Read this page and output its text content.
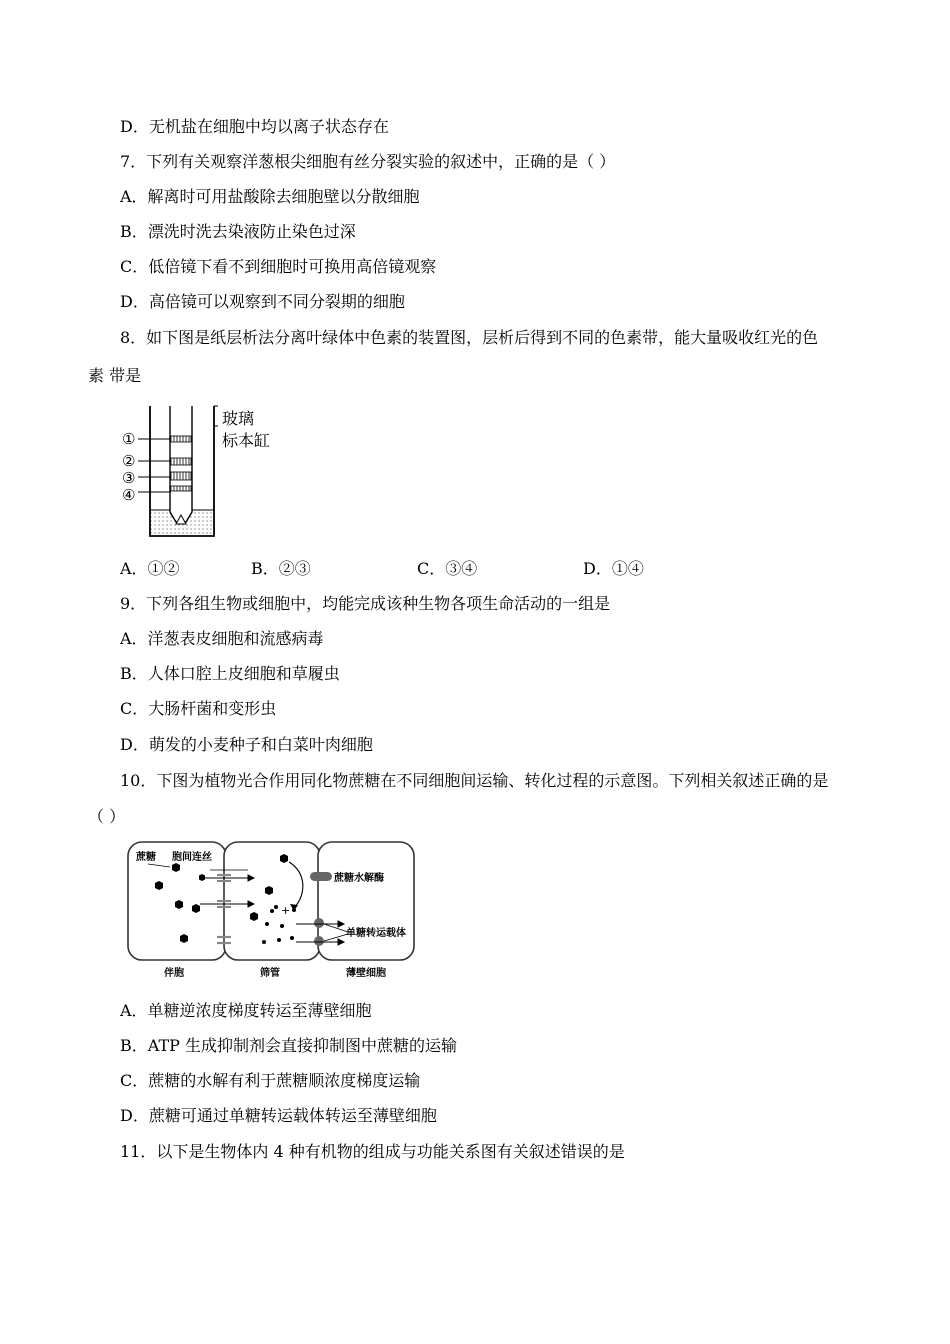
D．无机盐在细胞中均以离子状态存在
7．下列有关观察洋葱根尖细胞有丝分裂实验的叙述中，正确的是（ ）
A．解离时可用盐酸除去细胞壁以分散细胞
B．漂洗时洗去染液防止染色过深
C．低倍镜下看不到细胞时可换用高倍镜观察
D．高倍镜可以观察到不同分裂期的细胞
8．如下图是纸层析法分离叶绿体中色素的装置图，层析后得到不同的色素带，能大量吸收红光的色
素 带是
①
②
③
④
玻璃
标本缸
A．①②	B．②③	C．③④	D．①④
9．下列各组生物或细胞中，均能完成该种生物各项生命活动的一组是
A．洋葱表皮细胞和流感病毒
B．人体口腔上皮细胞和草履虫
C．大肠杆菌和变形虫
D．萌发的小麦种子和白菜叶肉细胞
10．下图为植物光合作用同化物蔗糖在不同细胞间运输、转化过程的示意图。下列相关叙述正确的是
（ ）
+
蔗糖 胞间连丝
蔗糖水解酶
单糖转运载体
伴胞	筛管	薄壁细胞
A．单糖逆浓度梯度转运至薄壁细胞
B．ATP 生成抑制剂会直接抑制图中蔗糖的运输
C．蔗糖的水解有利于蔗糖顺浓度梯度运输
D．蔗糖可通过单糖转运载体转运至薄壁细胞
11．以下是生物体内 4 种有机物的组成与功能关系图有关叙述错误的是
